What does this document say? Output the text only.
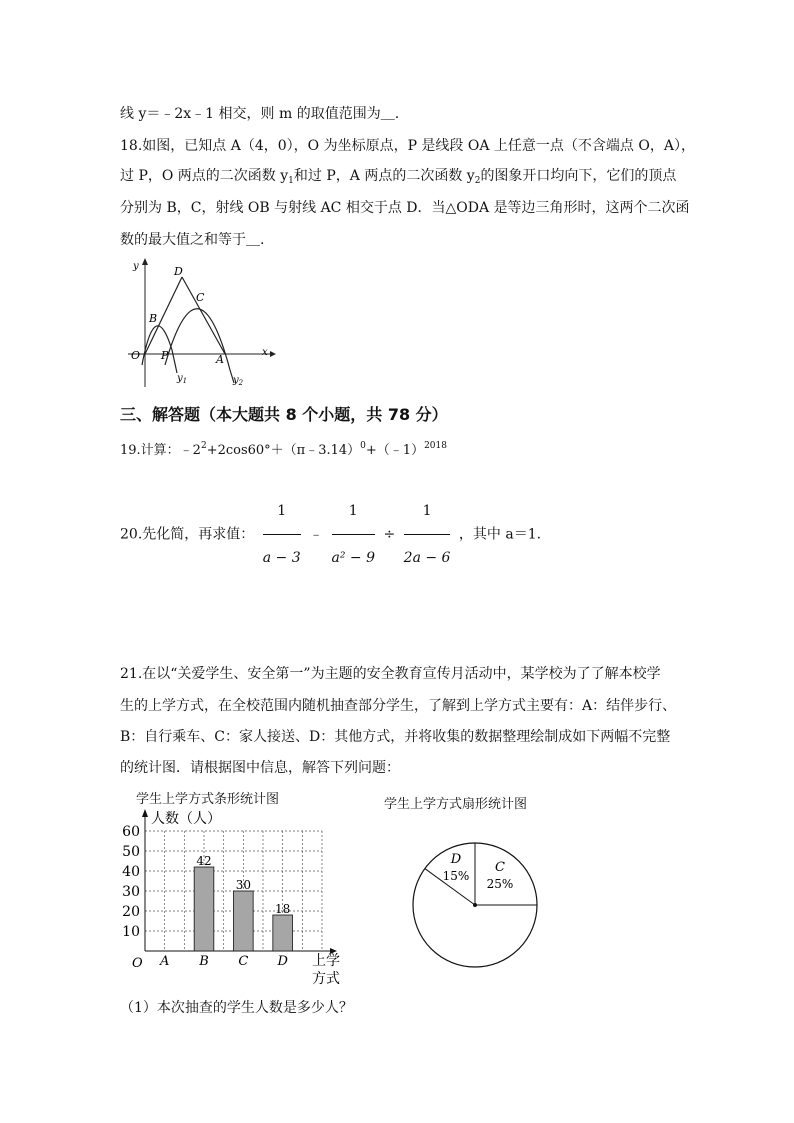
线 y＝﹣2x﹣1 相交，则 m 的取值范围为＿.
18.如图，已知点 A（4，0），O 为坐标原点，P 是线段 OA 上任意一点（不含端点 O，A），
过 P，O 两点的二次函数 $y_1$和过 P，A 两点的二次函数 $y_2$的图象开口均向下，它们的顶点
分别为 B，C，射线 OB 与射线 AC 相交于点 D．当△ODA 是等边三角形时，这两个二次函
数的最大值之和等于＿.
y
x
O P	A
B
C
D
$y_1$	$y_2$
三、解答题（本大题共 8 个小题，共 78 分）
19.计算：$﹣2^2+2\cos 60^\circ+(\pi﹣3.14)^0+(﹣1)^{2018}$
20.先化简，再求值： $\frac{1}{a - 3}$ ﹣ $\frac{1}{\text{a² − 9}} \div \frac{1}{2a - 6}$ ，其中 a＝1.
21.在以“关爱学生、安全第一”为主题的安全教育宣传月活动中，某学校为了了解本校学
生的上学方式，在全校范围内随机抽查部分学生，了解到上学方式主要有：A：结伴步行、
B：自行乘车、C：家人接送、D：其他方式，并将收集的数据整理绘制成如下两幅不完整
的统计图．请根据图中信息，解答下列问题：
学生上学方式条形统计图	学生上学方式扇形统计图
10
20
30
40
50
60
人数（人）
O	上学
方式
A B
42
C
30
D
18
C
25%
D
15%
（1）本次抽查的学生人数是多少人？
